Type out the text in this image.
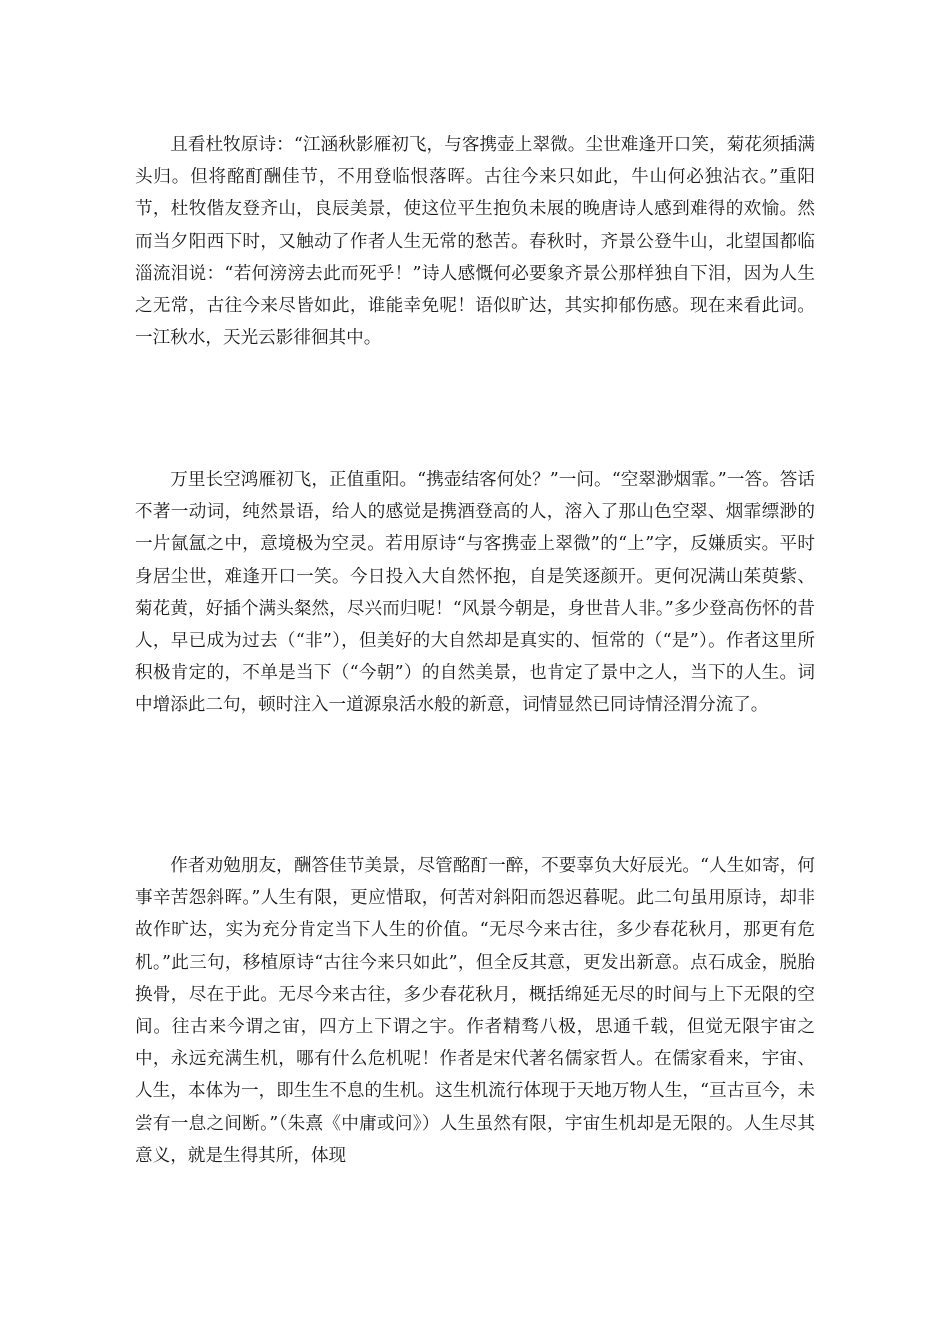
且看杜牧原诗：“江涵秋影雁初飞，与客携壶上翠微。尘世难逢开口笑，菊花须插满头归。但将酩酊酬佳节，不用登临恨落晖。古往今来只如此，牛山何必独沾衣。”重阳节，杜牧偕友登齐山，良辰美景，使这位平生抱负未展的晚唐诗人感到难得的欢愉。然而当夕阳西下时，又触动了作者人生无常的愁苦。春秋时，齐景公登牛山，北望国都临淄流泪说：“若何滂滂去此而死乎！”诗人感慨何必要象齐景公那样独自下泪，因为人生之无常，古往今来尽皆如此，谁能幸免呢！语似旷达，其实抑郁伤感。现在来看此词。一江秋水，天光云影徘徊其中。

万里长空鸿雁初飞，正值重阳。“携壶结客何处？”一问。“空翠渺烟霏。”一答。答话不著一动词，纯然景语，给人的感觉是携酒登高的人，溶入了那山色空翠、烟霏缥渺的一片氤氲之中，意境极为空灵。若用原诗“与客携壶上翠微”的“上”字，反嫌质实。平时身居尘世，难逢开口一笑。今日投入大自然怀抱，自是笑逐颜开。更何况满山茱萸紫、菊花黄，好插个满头粲然，尽兴而归呢！“风景今朝是，身世昔人非。”多少登高伤怀的昔人，早已成为过去（“非”），但美好的大自然却是真实的、恒常的（“是”）。作者这里所积极肯定的，不单是当下（“今朝”）的自然美景，也肯定了景中之人，当下的人生。词中增添此二句，顿时注入一道源泉活水般的新意，词情显然已同诗情泾渭分流了。

作者劝勉朋友，酬答佳节美景，尽管酩酊一醉，不要辜负大好辰光。“人生如寄，何事辛苦怨斜晖。”人生有限，更应惜取，何苦对斜阳而怨迟暮呢。此二句虽用原诗，却非故作旷达，实为充分肯定当下人生的价值。“无尽今来古往，多少春花秋月，那更有危机。”此三句，移植原诗“古往今来只如此”，但全反其意，更发出新意。点石成金，脱胎换骨，尽在于此。无尽今来古往，多少春花秋月，概括绵延无尽的时间与上下无限的空间。往古来今谓之宙，四方上下谓之宇。作者精骛八极，思通千载，但觉无限宇宙之中，永远充满生机，哪有什么危机呢！作者是宋代著名儒家哲人。在儒家看来，宇宙、人生，本体为一，即生生不息的生机。这生机流行体现于天地万物人生，“亘古亘今，未尝有一息之间断。”（朱熹《中庸或问》）人生虽然有限，宇宙生机却是无限的。人生尽其意义，就是生得其所，体现
